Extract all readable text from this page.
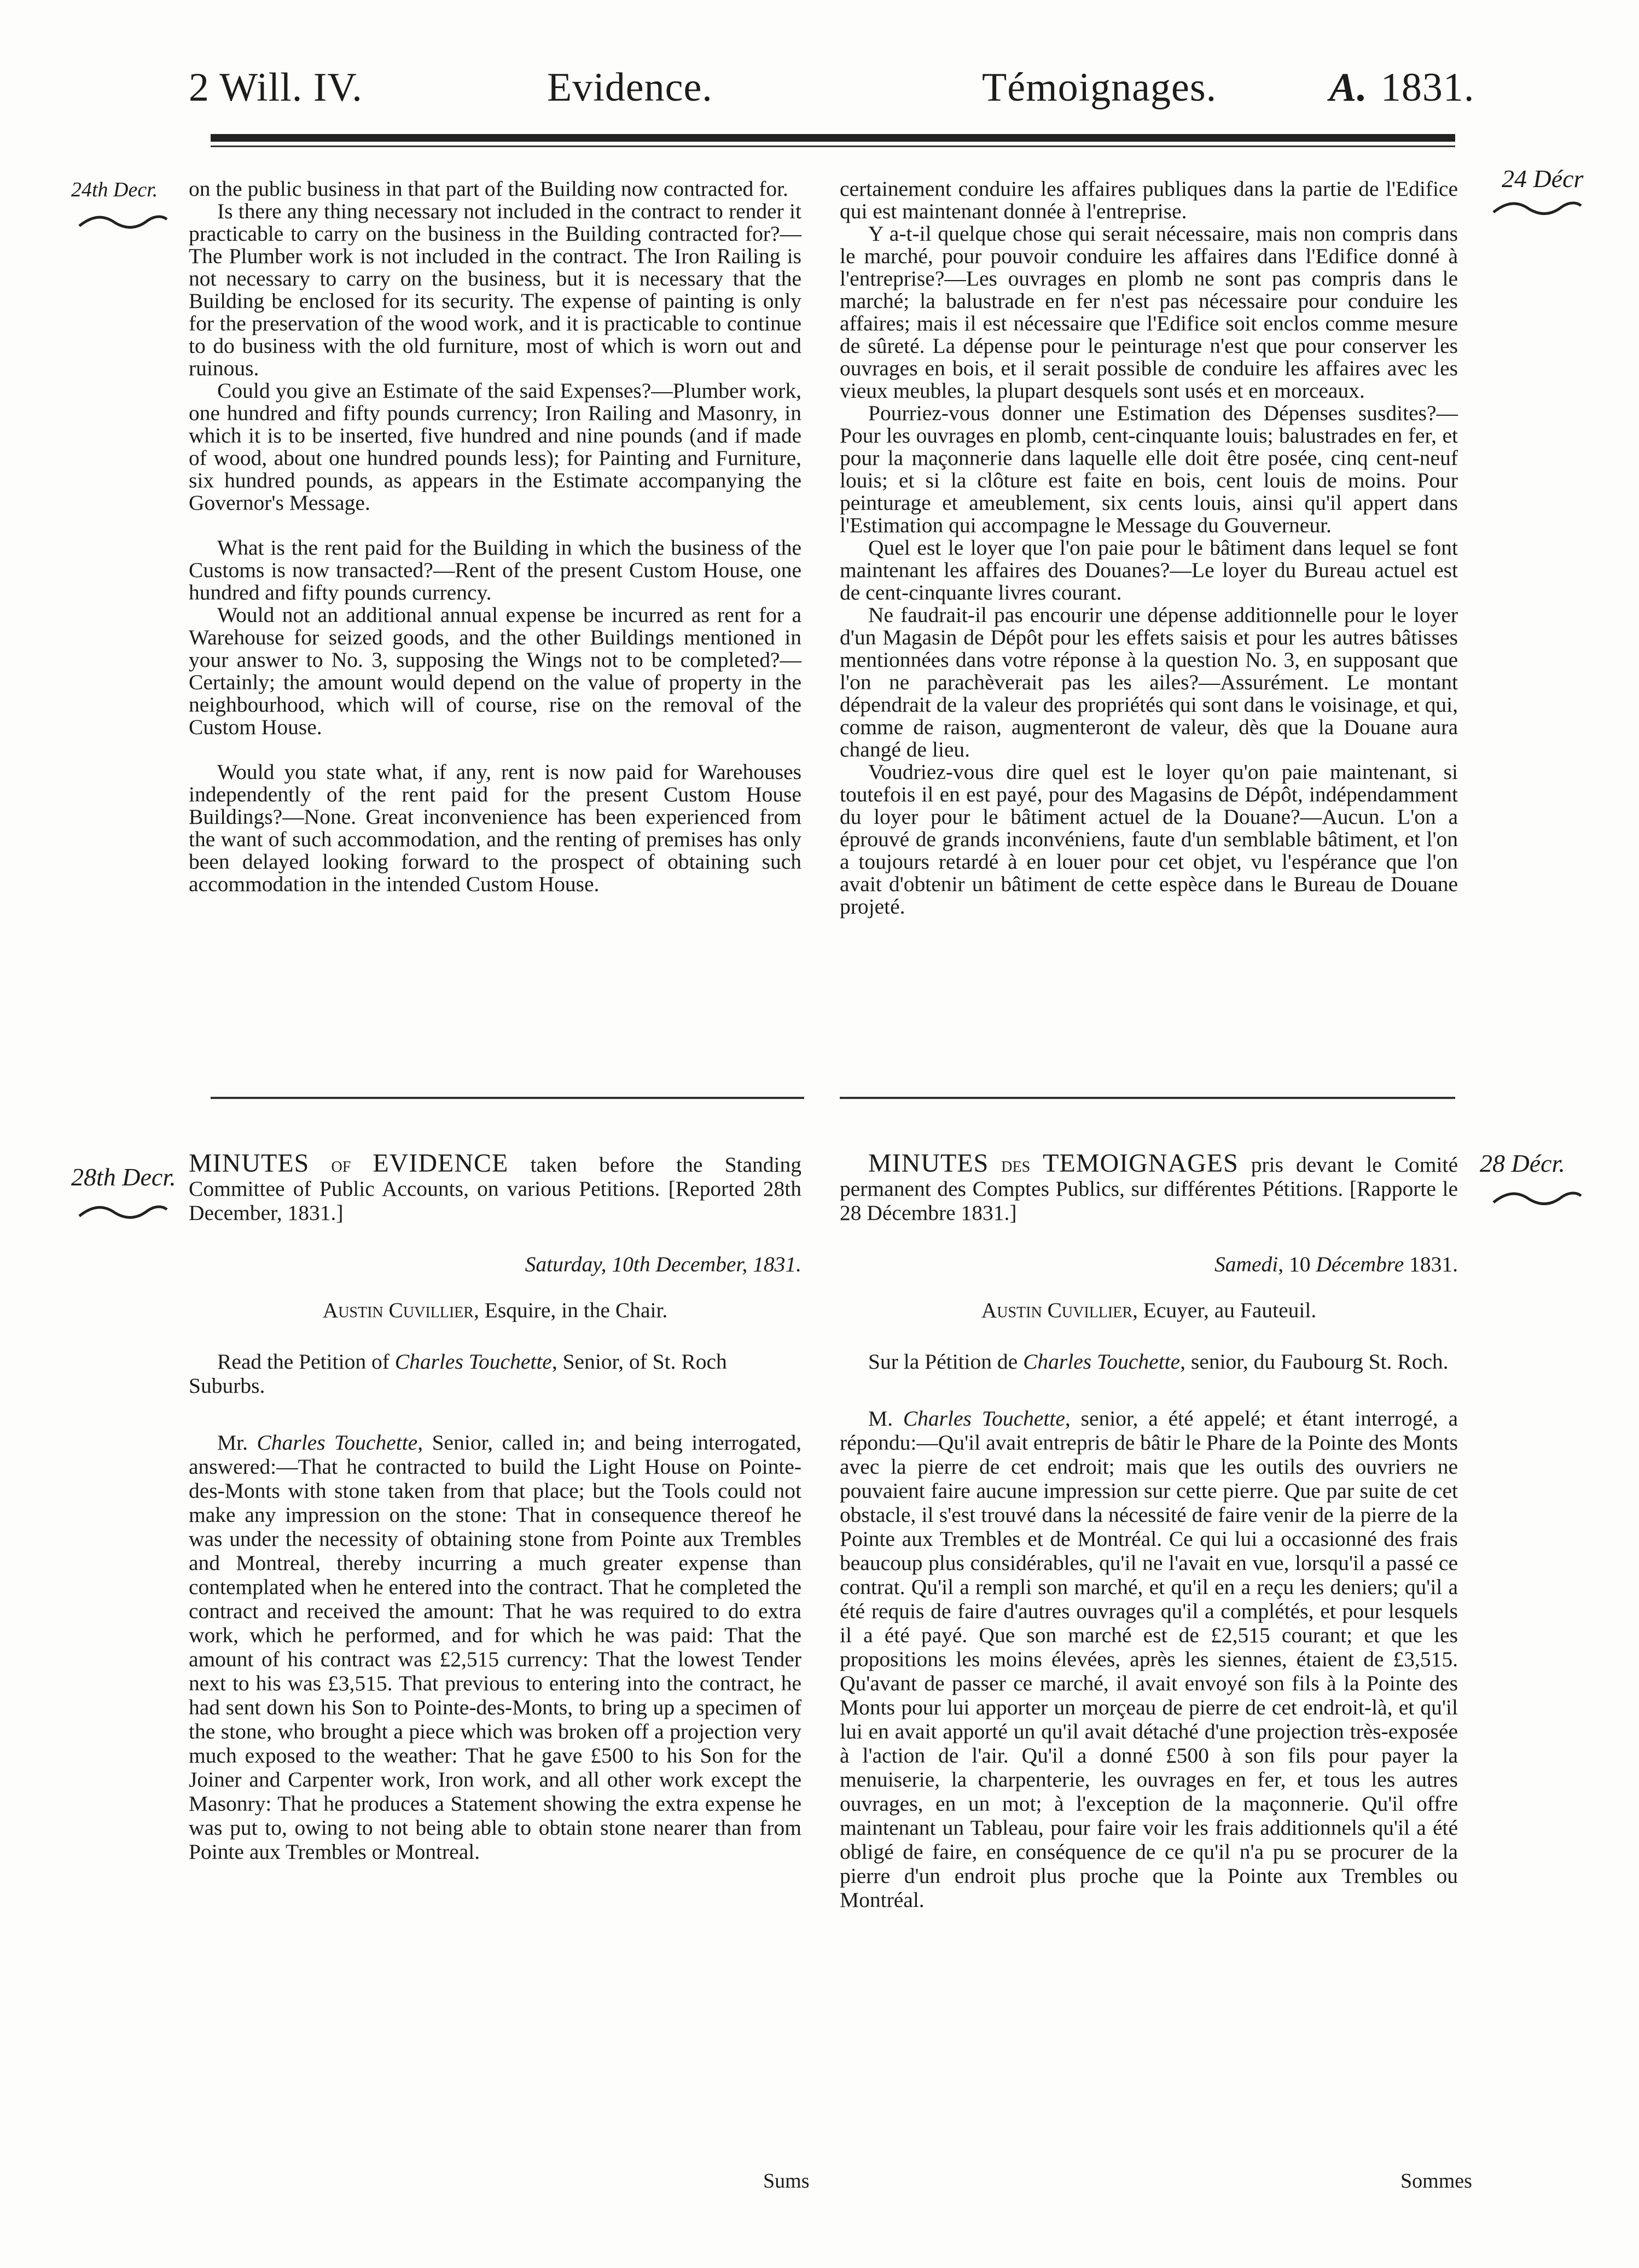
2 Will. IV.	Evidence.	Témoignages.	A. 1831.
24th Decr.	24 Décr

on the public business in that part of the Building now contracted for.

Is there any thing necessary not included in the contract to render it practicable to carry on the business in the Building contracted for?—The Plumber work is not included in the contract. The Iron Railing is not necessary to carry on the business, but it is necessary that the Building be enclosed for its security. The expense of painting is only for the preservation of the wood work, and it is practicable to continue to do business with the old furniture, most of which is worn out and ruinous.

Could you give an Estimate of the said Expenses?—Plumber work, one hundred and fifty pounds currency; Iron Railing and Masonry, in which it is to be inserted, five hundred and nine pounds (and if made of wood, about one hundred pounds less); for Painting and Furniture, six hundred pounds, as appears in the Estimate accompanying the Governor's Message.

What is the rent paid for the Building in which the business of the Customs is now transacted?—Rent of the present Custom House, one hundred and fifty pounds currency.

Would not an additional annual expense be incurred as rent for a Warehouse for seized goods, and the other Buildings mentioned in your answer to No. 3, supposing the Wings not to be completed?—Certainly; the amount would depend on the value of property in the neighbourhood, which will of course, rise on the removal of the Custom House.

Would you state what, if any, rent is now paid for Warehouses independently of the rent paid for the present Custom House Buildings?—None. Great inconvenience has been experienced from the want of such accommodation, and the renting of premises has only been delayed looking forward to the prospect of obtaining such accommodation in the intended Custom House.

certainement conduire les affaires publiques dans la partie de l'Edifice qui est maintenant donnée à l'entreprise.

Y a-t-il quelque chose qui serait nécessaire, mais non compris dans le marché, pour pouvoir conduire les affaires dans l'Edifice donné à l'entreprise?—Les ouvrages en plomb ne sont pas compris dans le marché; la balustrade en fer n'est pas nécessaire pour conduire les affaires; mais il est nécessaire que l'Edifice soit enclos comme mesure de sûreté. La dépense pour le peinturage n'est que pour conserver les ouvrages en bois, et il serait possible de conduire les affaires avec les vieux meubles, la plupart desquels sont usés et en morceaux.

Pourriez-vous donner une Estimation des Dépenses susdites?—Pour les ouvrages en plomb, cent-cinquante louis; balustrades en fer, et pour la maçonnerie dans laquelle elle doit être posée, cinq cent-neuf louis; et si la clôture est faite en bois, cent louis de moins. Pour peinturage et ameublement, six cents louis, ainsi qu'il appert dans l'Estimation qui accompagne le Message du Gouverneur.

Quel est le loyer que l'on paie pour le bâtiment dans lequel se font maintenant les affaires des Douanes?—Le loyer du Bureau actuel est de cent-cinquante livres courant.

Ne faudrait-il pas encourir une dépense additionnelle pour le loyer d'un Magasin de Dépôt pour les effets saisis et pour les autres bâtisses mentionnées dans votre réponse à la question No. 3, en supposant que l'on ne parachèverait pas les ailes?—Assurément. Le montant dépendrait de la valeur des propriétés qui sont dans le voisinage, et qui, comme de raison, augmenteront de valeur, dès que la Douane aura changé de lieu.

Voudriez-vous dire quel est le loyer qu'on paie maintenant, si toutefois il en est payé, pour des Magasins de Dépôt, indépendamment du loyer pour le bâtiment actuel de la Douane?—Aucun. L'on a éprouvé de grands inconvéniens, faute d'un semblable bâtiment, et l'on a toujours retardé à en louer pour cet objet, vu l'espérance que l'on avait d'obtenir un bâtiment de cette espèce dans le Bureau de Douane projeté.

28th Decr.	28 Décr.

MINUTES of EVIDENCE taken before the Standing Committee of Public Accounts, on various Petitions. [Reported 28th December, 1831.]

Saturday, 10th December, 1831.

Austin Cuvillier, Esquire, in the Chair.

Read the Petition of Charles Touchette, Senior, of St. Roch Suburbs.

Mr. Charles Touchette, Senior, called in; and being interrogated, answered:—That he contracted to build the Light House on Pointe-des-Monts with stone taken from that place; but the Tools could not make any impression on the stone: That in consequence thereof he was under the necessity of obtaining stone from Pointe aux Trembles and Montreal, thereby incurring a much greater expense than contemplated when he entered into the contract. That he completed the contract and received the amount: That he was required to do extra work, which he performed, and for which he was paid: That the amount of his contract was £2,515 currency: That the lowest Tender next to his was £3,515. That previous to entering into the contract, he had sent down his Son to Pointe-des-Monts, to bring up a specimen of the stone, who brought a piece which was broken off a projection very much exposed to the weather: That he gave £500 to his Son for the Joiner and Carpenter work, Iron work, and all other work except the Masonry: That he produces a Statement showing the extra expense he was put to, owing to not being able to obtain stone nearer than from Pointe aux Trembles or Montreal.

MINUTES des TEMOIGNAGES pris devant le Comité permanent des Comptes Publics, sur différentes Pétitions. [Rapporte le 28 Décembre 1831.]

Samedi, 10 Décembre 1831.

Austin Cuvillier, Ecuyer, au Fauteuil.

Sur la Pétition de Charles Touchette, senior, du Faubourg St. Roch.

M. Charles Touchette, senior, a été appelé; et étant interrogé, a répondu:—Qu'il avait entrepris de bâtir le Phare de la Pointe des Monts avec la pierre de cet endroit; mais que les outils des ouvriers ne pouvaient faire aucune impression sur cette pierre. Que par suite de cet obstacle, il s'est trouvé dans la nécessité de faire venir de la pierre de la Pointe aux Trembles et de Montréal. Ce qui lui a occasionné des frais beaucoup plus considérables, qu'il ne l'avait en vue, lorsqu'il a passé ce contrat. Qu'il a rempli son marché, et qu'il en a reçu les deniers; qu'il a été requis de faire d'autres ouvrages qu'il a complétés, et pour lesquels il a été payé. Que son marché est de £2,515 courant; et que les propositions les moins élevées, après les siennes, étaient de £3,515. Qu'avant de passer ce marché, il avait envoyé son fils à la Pointe des Monts pour lui apporter un morçeau de pierre de cet endroit-là, et qu'il lui en avait apporté un qu'il avait détaché d'une projection très-exposée à l'action de l'air. Qu'il a donné £500 à son fils pour payer la menuiserie, la charpenterie, les ouvrages en fer, et tous les autres ouvrages, en un mot; à l'exception de la maçonnerie. Qu'il offre maintenant un Tableau, pour faire voir les frais additionnels qu'il a été obligé de faire, en conséquence de ce qu'il n'a pu se procurer de la pierre d'un endroit plus proche que la Pointe aux Trembles ou Montréal.

Sums	Sommes
